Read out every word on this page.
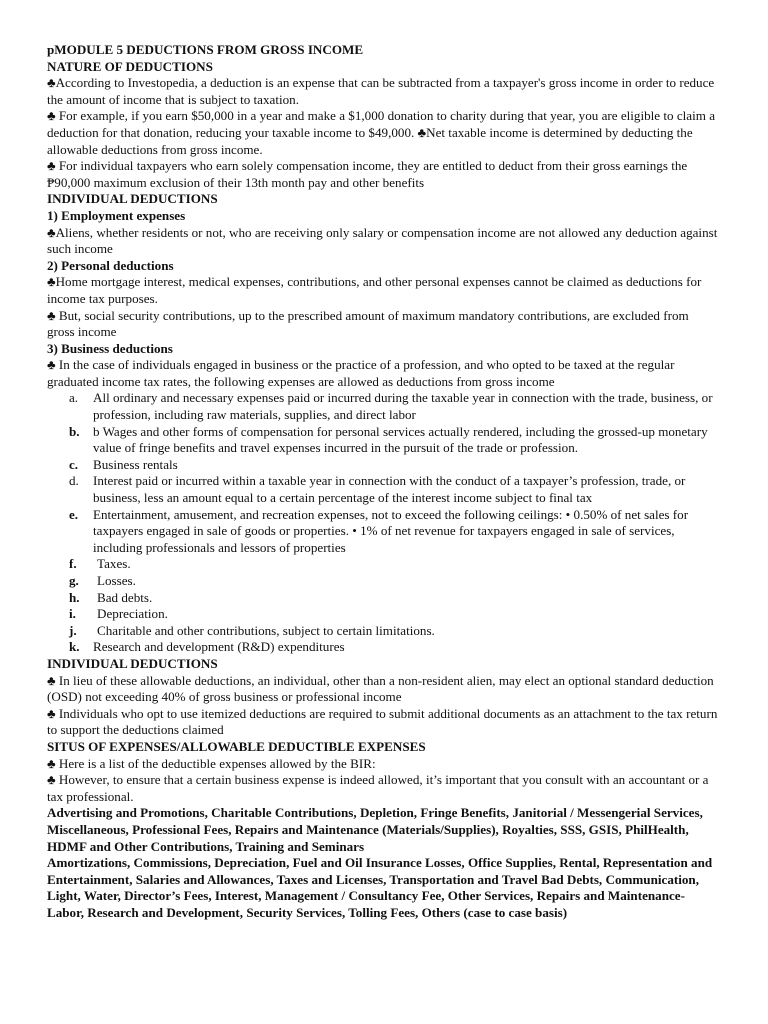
pMODULE 5 DEDUCTIONS FROM GROSS INCOME

NATURE OF DEDUCTIONS

♣According to Investopedia, a deduction is an expense that can be subtracted from a taxpayer's gross income in order to reduce the amount of income that is subject to taxation.

♣ For example, if you earn $50,000 in a year and make a $1,000 donation to charity during that year, you are eligible to claim a deduction for that donation, reducing your taxable income to $49,000. ♣Net taxable income is determined by deducting the allowable deductions from gross income.

♣ For individual taxpayers who earn solely compensation income, they are entitled to deduct from their gross earnings the ₱90,000 maximum exclusion of their 13th month pay and other benefits

INDIVIDUAL DEDUCTIONS

1) Employment expenses

♣Aliens, whether residents or not, who are receiving only salary or compensation income are not allowed any deduction against such income

2) Personal deductions

♣Home mortgage interest, medical expenses, contributions, and other personal expenses cannot be claimed as deductions for income tax purposes.

♣ But, social security contributions, up to the prescribed amount of maximum mandatory contributions, are excluded from gross income

3) Business deductions

♣ In the case of individuals engaged in business or the practice of a profession, and who opted to be taxed at the regular graduated income tax rates, the following expenses are allowed as deductions from gross income

a. All ordinary and necessary expenses paid or incurred during the taxable year in connection with the trade, business, or profession, including raw materials, supplies, and direct labor
b. b Wages and other forms of compensation for personal services actually rendered, including the grossed-up monetary value of fringe benefits and travel expenses incurred in the pursuit of the trade or profession.
c. Business rentals
d. Interest paid or incurred within a taxable year in connection with the conduct of a taxpayer’s profession, trade, or business, less an amount equal to a certain percentage of the interest income subject to final tax
e. Entertainment, amusement, and recreation expenses, not to exceed the following ceilings: • 0.50% of net sales for taxpayers engaged in sale of goods or properties. • 1% of net revenue for taxpayers engaged in sale of services, including professionals and lessors of properties
f. Taxes.
g. Losses.
h. Bad debts.
i. Depreciation.
j. Charitable and other contributions, subject to certain limitations.
k. Research and development (R&D) expenditures

INDIVIDUAL DEDUCTIONS

♣ In lieu of these allowable deductions, an individual, other than a non-resident alien, may elect an optional standard deduction (OSD) not exceeding 40% of gross business or professional income

♣ Individuals who opt to use itemized deductions are required to submit additional documents as an attachment to the tax return to support the deductions claimed

SITUS OF EXPENSES/ALLOWABLE DEDUCTIBLE EXPENSES

♣ Here is a list of the deductible expenses allowed by the BIR:

♣ However, to ensure that a certain business expense is indeed allowed, it’s important that you consult with an accountant or a tax professional.

Advertising and Promotions, Charitable Contributions, Depletion, Fringe Benefits, Janitorial / Messengerial Services, Miscellaneous, Professional Fees, Repairs and Maintenance (Materials/Supplies), Royalties, SSS, GSIS, PhilHealth, HDMF and Other Contributions, Training and Seminars

Amortizations, Commissions, Depreciation, Fuel and Oil Insurance Losses, Office Supplies, Rental, Representation and Entertainment, Salaries and Allowances, Taxes and Licenses, Transportation and Travel Bad Debts, Communication, Light, Water, Director’s Fees, Interest, Management / Consultancy Fee, Other Services, Repairs and Maintenance-Labor, Research and Development, Security Services, Tolling Fees, Others (case to case basis)
